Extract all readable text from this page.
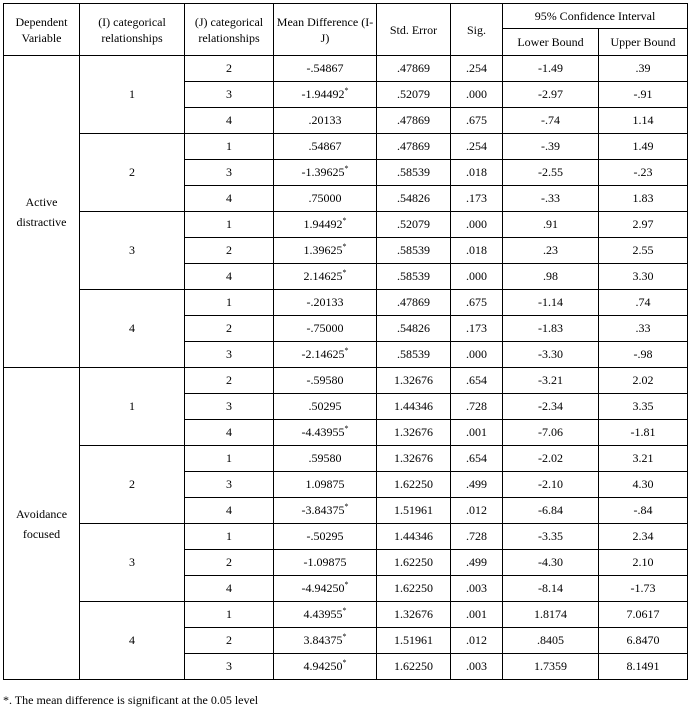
Dependent Variable	(I) categorical relationships	(J) categorical relationships	Mean Difference (I-J)	Std. Error	Sig.	95% Confidence Interval	
						Lower Bound	Upper Bound
Active distractive	1	2	-.54867	.47869	.254	-1.49	.39
		3	-1.94492*	.52079	.000	-2.97	-.91
		4	.20133	.47869	.675	-.74	1.14
	2	1	.54867	.47869	.254	-.39	1.49
		3	-1.39625*	.58539	.018	-2.55	-.23
		4	.75000	.54826	.173	-.33	1.83
	3	1	1.94492*	.52079	.000	.91	2.97
		2	1.39625*	.58539	.018	.23	2.55
		4	2.14625*	.58539	.000	.98	3.30
	4	1	-.20133	.47869	.675	-1.14	.74
		2	-.75000	.54826	.173	-1.83	.33
		3	-2.14625*	.58539	.000	-3.30	-.98
Avoidance focused	1	2	-.59580	1.32676	.654	-3.21	2.02
		3	.50295	1.44346	.728	-2.34	3.35
		4	-4.43955*	1.32676	.001	-7.06	-1.81
	2	1	.59580	1.32676	.654	-2.02	3.21
		3	1.09875	1.62250	.499	-2.10	4.30
		4	-3.84375*	1.51961	.012	-6.84	-.84
	3	1	-.50295	1.44346	.728	-3.35	2.34
		2	-1.09875	1.62250	.499	-4.30	2.10
		4	-4.94250*	1.62250	.003	-8.14	-1.73
	4	1	4.43955*	1.32676	.001	1.8174	7.0617
		2	3.84375*	1.51961	.012	.8405	6.8470
		3	4.94250*	1.62250	.003	1.7359	8.1491
*. The mean difference is significant at the 0.05 level
